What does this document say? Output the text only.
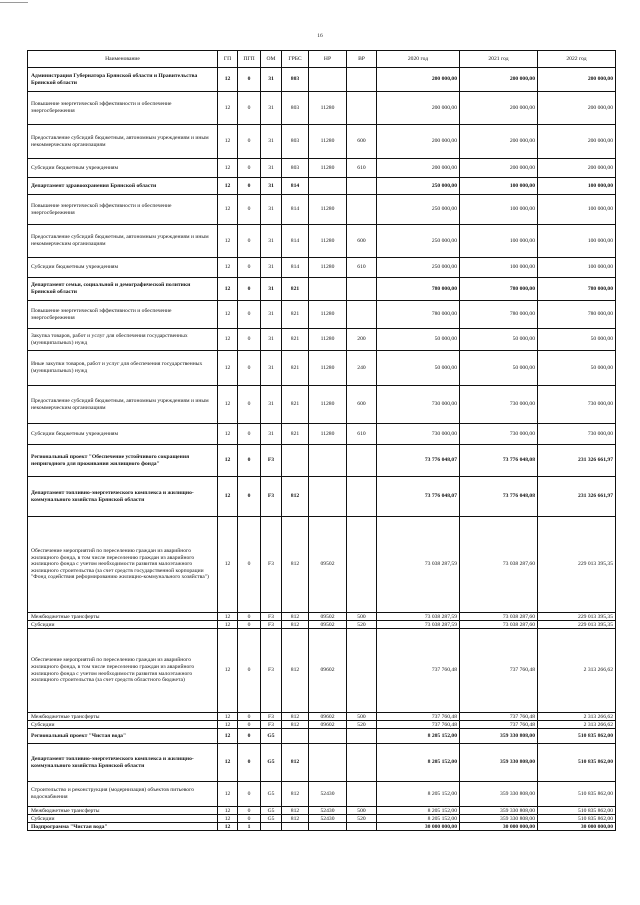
16
Наименование	ГП	ПГП	ОМ	ГРБС	НР	ВР	2020 год	2021 год	2022 год
Администрация Губернатора Брянской области и Правительства Брянской области	12	0	31	803			200 000,00	200 000,00	200 000,00
Повышение энергетической эффективности и обеспечение энергосбережения	12	0	31	803	11280		200 000,00	200 000,00	200 000,00
Предоставление субсидий бюджетным, автономным учреждениям и иным некоммерческим организациям	12	0	31	803	11280	600	200 000,00	200 000,00	200 000,00
Субсидии бюджетным учреждениям	12	0	31	803	11280	610	200 000,00	200 000,00	200 000,00
Департамент здравоохранения Брянской области	12	0	31	814			250 000,00	100 000,00	100 000,00
Повышение энергетической эффективности и обеспечение энергосбережения	12	0	31	814	11280		250 000,00	100 000,00	100 000,00
Предоставление субсидий бюджетным, автономным учреждениям и иным некоммерческим организациям	12	0	31	814	11280	600	250 000,00	100 000,00	100 000,00
Субсидии бюджетным учреждениям	12	0	31	814	11280	610	250 000,00	100 000,00	100 000,00
Департамент семьи, социальной и демографической политики Брянской области	12	0	31	821			780 000,00	780 000,00	780 000,00
Повышение энергетической эффективности и обеспечение энергосбережения	12	0	31	821	11280		780 000,00	780 000,00	780 000,00
Закупка товаров, работ и услуг для обеспечения государственных (муниципальных) нужд	12	0	31	821	11280	200	50 000,00	50 000,00	50 000,00
Иные закупки товаров, работ и услуг для обеспечения государственных (муниципальных) нужд	12	0	31	821	11280	240	50 000,00	50 000,00	50 000,00
Предоставление субсидий бюджетным, автономным учреждениям и иным некоммерческим организациям	12	0	31	821	11280	600	730 000,00	730 000,00	730 000,00
Субсидии бюджетным учреждениям	12	0	31	821	11280	610	730 000,00	730 000,00	730 000,00
Региональный проект "Обеспечение устойчивого сокращения непригодного для проживания жилищного фонда"	12	0	F3				73 776 048,07	73 776 048,08	231 326 661,97
Департамент топливно-энергетического комплекса и жилищно-коммунального хозяйства Брянской области	12	0	F3	812			73 776 048,07	73 776 048,08	231 326 661,97
Обеспечение мероприятий по переселению граждан из аварийного жилищного фонда, в том числе переселению граждан из аварийного жилищного фонда с учетом необходимости развития малоэтажного жилищного строительства (за счет средств государственной корпорации "Фонд содействия реформированию жилищно-коммунального хозяйства")	12	0	F3	812	09502		73 038 287,59	73 038 287,60	229 013 395,35
Межбюджетные трансферты	12	0	F3	812	09502	500	73 038 287,59	73 038 287,60	229 013 395,35
Субсидии	12	0	F3	812	09502	520	73 038 287,59	73 038 287,60	229 013 395,35
Обеспечение мероприятий по переселению граждан из аварийного жилищного фонда, в том числе переселению граждан из аварийного жилищного фонда с учетом необходимости развития малоэтажного жилищного строительства (за счет средств областного бюджета)	12	0	F3	812	09602		737 760,48	737 760,48	2 313 266,62
Межбюджетные трансферты	12	0	F3	812	09602	500	737 760,48	737 760,48	2 313 266,62
Субсидии	12	0	F3	812	09602	520	737 760,48	737 760,48	2 313 266,62
Региональный проект "Чистая вода"	12	0	G5				8 205 152,00	359 330 808,00	510 835 862,00
Департамент топливно-энергетического комплекса и жилищно-коммунального хозяйства Брянской области	12	0	G5	812			8 205 152,00	359 330 808,00	510 835 862,00
Строительство и реконструкция (модернизация) объектов питьевого водоснабжения	12	0	G5	812	52430		8 205 152,00	359 330 808,00	510 835 862,00
Межбюджетные трансферты	12	0	G5	812	52430	500	8 205 152,00	359 330 808,00	510 835 862,00
Субсидии	12	0	G5	812	52430	520	8 205 152,00	359 330 808,00	510 835 862,00
Подпрограмма "Чистая вода"	12	1					30 000 000,00	30 000 000,00	30 000 000,00
